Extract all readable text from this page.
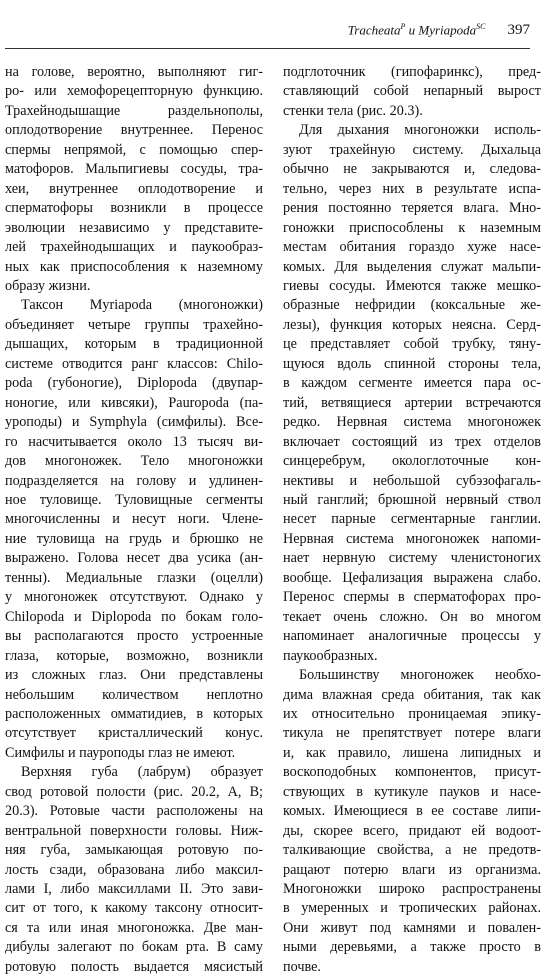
Tracheata$^P$ и Myriapoda$^{SC}$ 397
на голове, вероятно, выполняют гиг-
ро- или хемофорецепторную функцию.
Трахейнодышащие раздельнополы,
оплодотворение внутреннее. Перенос
спермы непрямой, с помощью спер-
матофоров. Мальпигиевы сосуды, тра-
хеи, внутреннее оплодотворение и
сперматофоры возникли в процессе
эволюции независимо у представите-
лей трахейнодышащих и паукообраз-
ных как приспособления к наземному
образу жизни.
Таксон Myriapoda (многоножки)
объединяет четыре группы трахейно-
дышащих, которым в традиционной
системе отводится ранг классов: Chilo-
poda (губоногие), Diplopoda (двупар-
ноногие, или кивсяки), Pauropoda (па-
уроподы) и Symphyla (симфилы). Все-
го насчитывается около 13 тысяч ви-
дов многоножек. Тело многоножки
подразделяется на голову и удлинен-
ное туловище. Туловищные сегменты
многочисленны и несут ноги. Члене-
ние туловища на грудь и брюшко не
выражено. Голова несет два усика (ан-
тенны). Медиальные глазки (оцелли)
у многоножек отсутствуют. Однако у
Chilopoda и Diplopoda по бокам голо-
вы располагаются просто устроенные
глаза, которые, возможно, возникли
из сложных глаз. Они представлены
небольшим количеством неплотно
расположенных омматидиев, в которых
отсутствует кристаллический конус.
Симфилы и пауроподы глаз не имеют.
Верхняя губа (лабрум) образует
свод ротовой полости (рис. 20.2, А, В;
20.3). Ротовые части расположены на
вентральной поверхности головы. Ниж-
няя губа, замыкающая ротовую по-
лость сзади, образована либо максил-
лами I, либо максиллами II. Это зави-
сит от того, к какому таксону относит-
ся та или иная многоножка. Две ман-
дибулы залегают по бокам рта. В саму
ротовую полость выдается мясистый
подглоточник (гипофаринкс), пред-
ставляющий собой непарный вырост
стенки тела (рис. 20.3).
Для дыхания многоножки исполь-
зуют трахейную систему. Дыхальца
обычно не закрываются и, следова-
тельно, через них в результате испа-
рения постоянно теряется влага. Мно-
гоножки приспособлены к наземным
местам обитания гораздо хуже насе-
комых. Для выделения служат мальпи-
гиевы сосуды. Имеются также мешко-
образные нефридии (коксальные же-
лезы), функция которых неясна. Серд-
це представляет собой трубку, тяну-
щуюся вдоль спинной стороны тела,
в каждом сегменте имеется пара ос-
тий, ветвящиеся артерии встречаются
редко. Нервная система многоножек
включает состоящий из трех отделов
синцеребрум, окологлоточные кон-
нективы и небольшой субэзофагаль-
ный ганглий; брюшной нервный ствол
несет парные сегментарные ганглии.
Нервная система многоножек напоми-
нает нервную систему членистоногих
вообще. Цефализация выражена слабо.
Перенос спермы в сперматофорах про-
текает очень сложно. Он во многом
напоминает аналогичные процессы у
паукообразных.
Большинству многоножек необхо-
дима влажная среда обитания, так как
их относительно проницаемая эпику-
тикула не препятствует потере влаги
и, как правило, лишена липидных и
воскоподобных компонентов, присут-
ствующих в кутикуле пауков и насе-
комых. Имеющиеся в ее составе липи-
ды, скорее всего, придают ей водоот-
талкивающие свойства, а не предотв-
ращают потерю влаги из организма.
Многоножки широко распространены
в умеренных и тропических районах.
Они живут под камнями и повален-
ными деревьями, а также просто в
почве.
